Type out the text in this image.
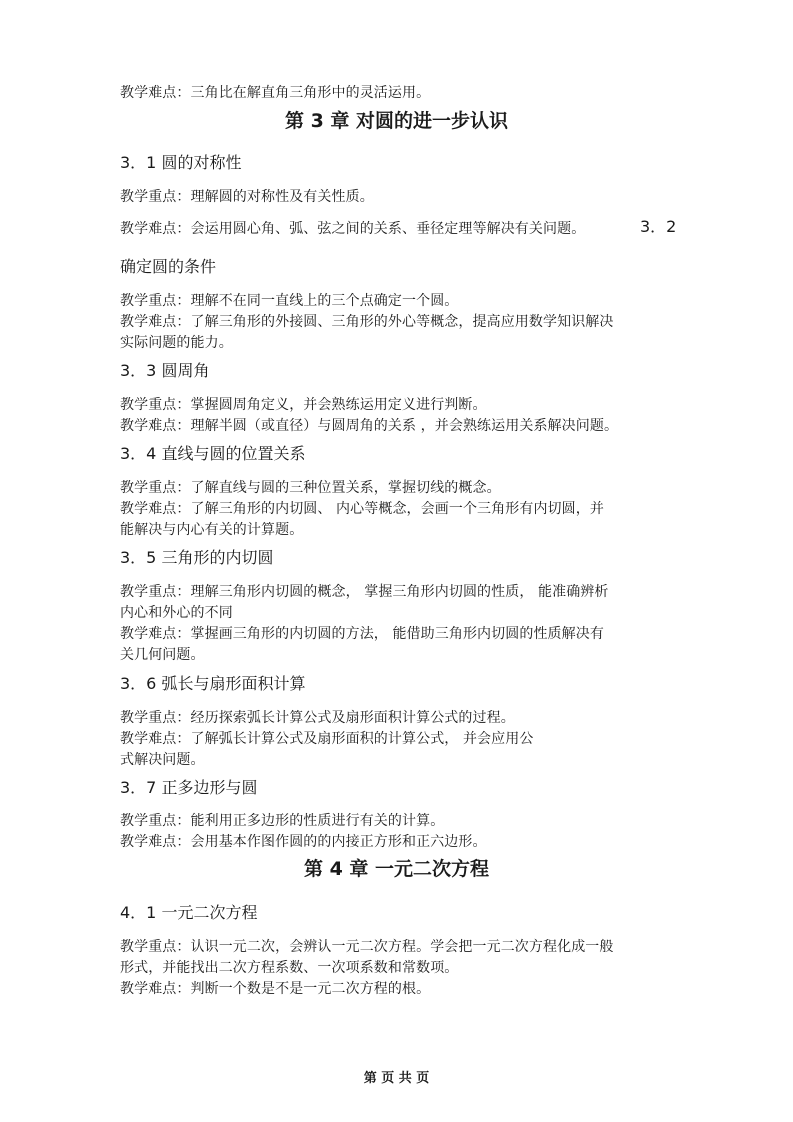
教学难点：三角比在解直角三角形中的灵活运用。
第 3 章 对圆的进一步认识
3．1 圆的对称性
教学重点：理解圆的对称性及有关性质。
教学难点：会运用圆心角、弧、弦之间的关系、垂径定理等解决有关问题。	3．2
确定圆的条件
教学重点：理解不在同一直线上的三个点确定一个圆。
教学难点：了解三角形的外接圆、三角形的外心等概念，提高应用数学知识解决
实际问题的能力。
3．3 圆周角
教学重点：掌握圆周角定义，并会熟练运用定义进行判断。
教学难点：理解半圆（或直径）与圆周角的关系 ，并会熟练运用关系解决问题。
3．4 直线与圆的位置关系
教学重点：了解直线与圆的三种位置关系，掌握切线的概念。
教学难点：了解三角形的内切圆、 内心等概念，会画一个三角形有内切圆，并
能解决与内心有关的计算题。
3．5 三角形的内切圆
教学重点：理解三角形内切圆的概念， 掌握三角形内切圆的性质， 能准确辨析
内心和外心的不同
教学难点：掌握画三角形的内切圆的方法， 能借助三角形内切圆的性质解决有
关几何问题。
3．6 弧长与扇形面积计算
教学重点：经历探索弧长计算公式及扇形面积计算公式的过程。
教学难点：了解弧长计算公式及扇形面积的计算公式， 并会应用公
式解决问题。
3．7 正多边形与圆
教学重点：能利用正多边形的性质进行有关的计算。
教学难点：会用基本作图作圆的的内接正方形和正六边形。
第 4 章 一元二次方程
4．1 一元二次方程
教学重点：认识一元二次，会辨认一元二次方程。学会把一元二次方程化成一般
形式，并能找出二次方程系数、一次项系数和常数项。
教学难点：判断一个数是不是一元二次方程的根。
第 页 共 页
